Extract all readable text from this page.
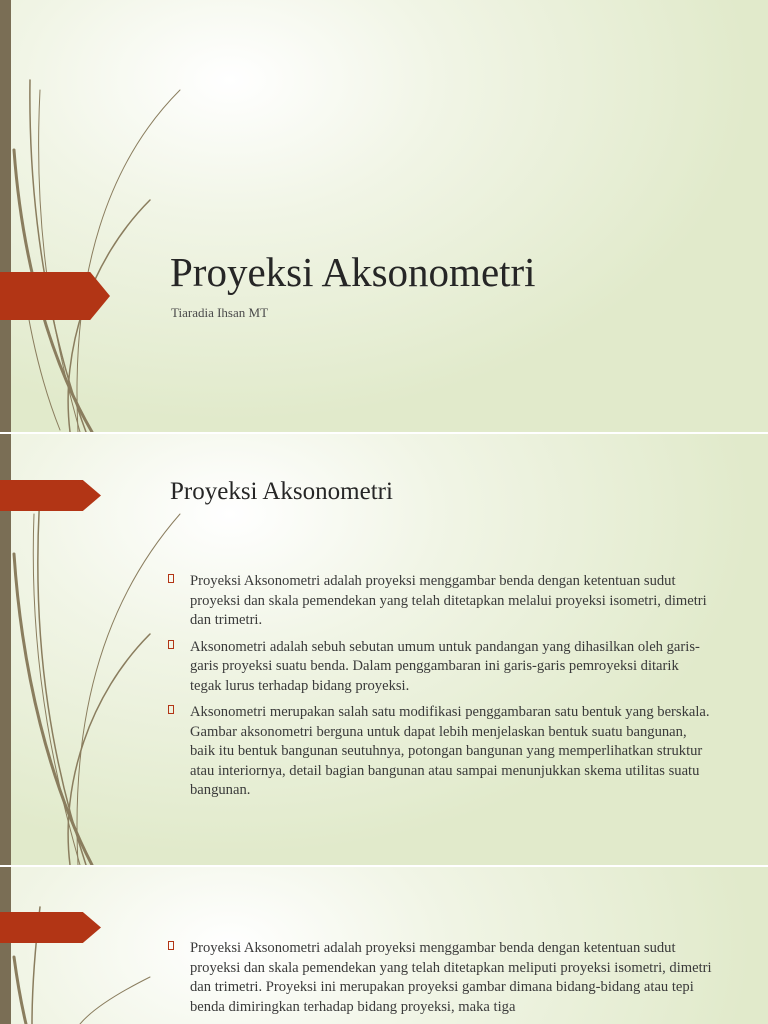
Proyeksi Aksonometri
Tiaradia Ihsan MT
Proyeksi Aksonometri
Proyeksi Aksonometri adalah proyeksi menggambar benda dengan ketentuan sudut proyeksi dan skala pemendekan yang telah ditetapkan melalui proyeksi isometri, dimetri dan trimetri.
Aksonometri adalah sebuh sebutan umum untuk pandangan yang dihasilkan oleh garis-garis proyeksi suatu benda. Dalam penggambaran ini garis-garis pemroyeksi ditarik tegak lurus terhadap bidang proyeksi.
Aksonometri merupakan salah satu modifikasi penggambaran satu bentuk yang berskala. Gambar aksonometri berguna untuk dapat lebih menjelaskan bentuk suatu bangunan, baik itu bentuk bangunan seutuhnya, potongan bangunan yang memperlihatkan struktur atau interiornya, detail bagian bangunan atau sampai menunjukkan skema utilitas suatu bangunan.
Proyeksi Aksonometri adalah proyeksi menggambar benda dengan ketentuan sudut proyeksi dan skala pemendekan yang telah ditetapkan meliputi proyeksi isometri, dimetri dan trimetri. Proyeksi ini merupakan proyeksi gambar dimana bidang-bidang atau tepi benda dimiringkan terhadap bidang proyeksi, maka tiga
